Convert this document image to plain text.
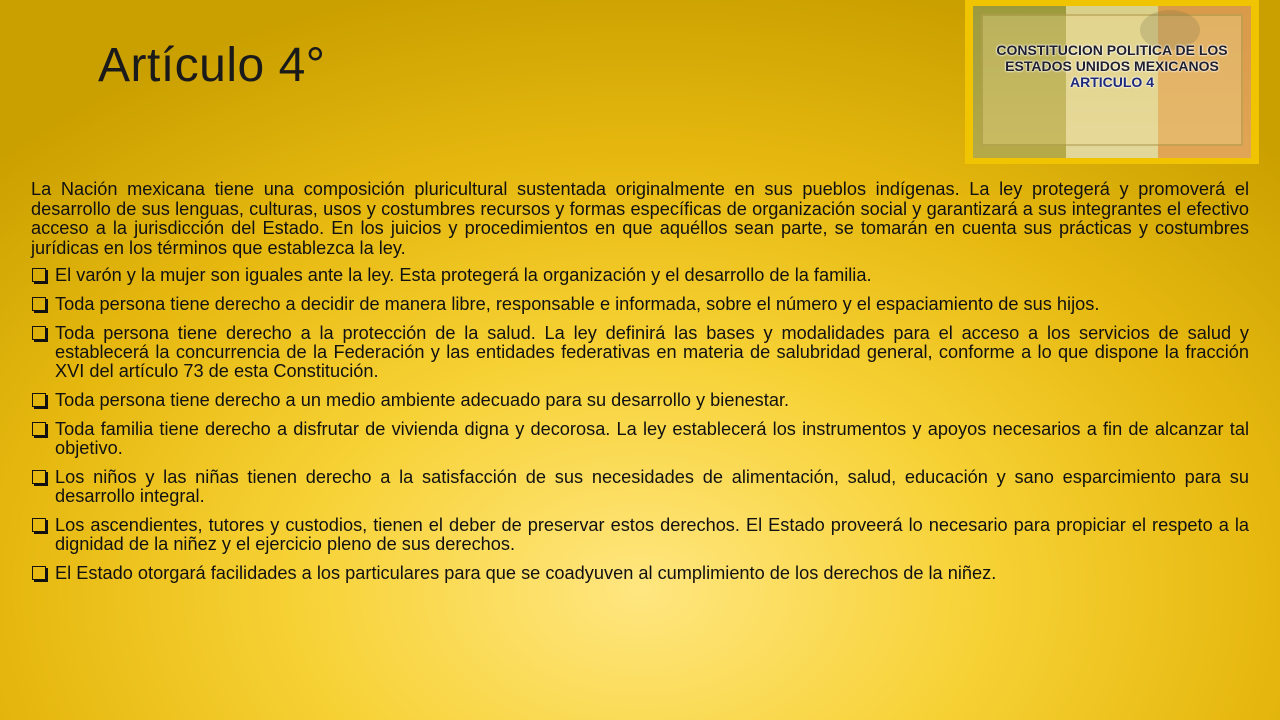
Artículo 4°	CONSTITUCION POLITICA DE LOS
ESTADOS UNIDOS MEXICANOS
ARTICULO 4

La Nación mexicana tiene una composición pluricultural sustentada originalmente en sus pueblos indígenas. La ley protegerá y promoverá el desarrollo de sus lenguas, culturas, usos y costumbres recursos y formas específicas de organización social y garantizará a sus integrantes el efectivo acceso a la jurisdicción del Estado. En los juicios y procedimientos en que aquéllos sean parte, se tomarán en cuenta sus prácticas y costumbres jurídicas en los términos que establezca la ley.

El varón y la mujer son iguales ante la ley. Esta protegerá la organización y el desarrollo de la familia.
Toda persona tiene derecho a decidir de manera libre, responsable e informada, sobre el número y el espaciamiento de sus hijos.
Toda persona tiene derecho a la protección de la salud. La ley definirá las bases y modalidades para el acceso a los servicios de salud y establecerá la concurrencia de la Federación y las entidades federativas en materia de salubridad general, conforme a lo que dispone la fracción XVI del artículo 73 de esta Constitución.
Toda persona tiene derecho a un medio ambiente adecuado para su desarrollo y bienestar.
Toda familia tiene derecho a disfrutar de vivienda digna y decorosa. La ley establecerá los instrumentos y apoyos necesarios a fin de alcanzar tal objetivo.
Los niños y las niñas tienen derecho a la satisfacción de sus necesidades de alimentación, salud, educación y sano esparcimiento para su desarrollo integral.
Los ascendientes, tutores y custodios, tienen el deber de preservar estos derechos. El Estado proveerá lo necesario para propiciar el respeto a la dignidad de la niñez y el ejercicio pleno de sus derechos.
El Estado otorgará facilidades a los particulares para que se coadyuven al cumplimiento de los derechos de la niñez.
